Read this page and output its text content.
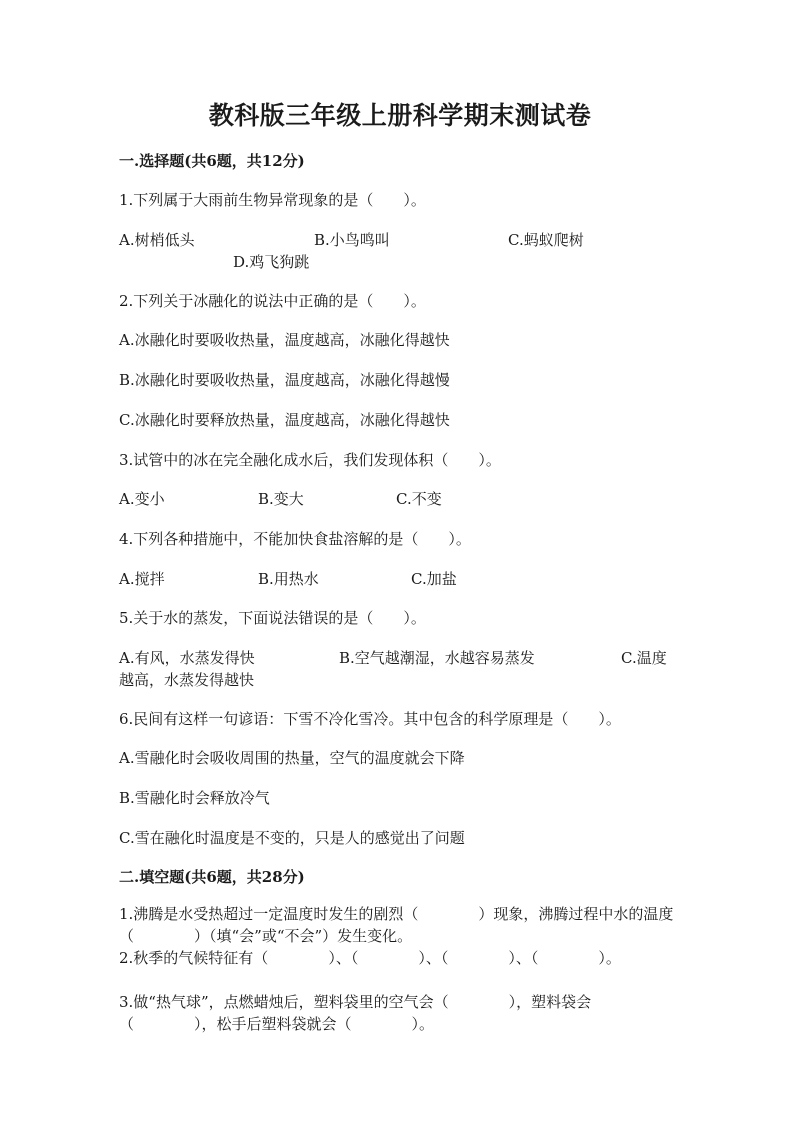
教科版三年级上册科学期末测试卷
一.选择题(共6题，共12分)
1.下列属于大雨前生物异常现象的是（　　）。
A.树梢低头	B.小鸟鸣叫	C.蚂蚁爬树
D.鸡飞狗跳
2.下列关于冰融化的说法中正确的是（　　）。
A.冰融化时要吸收热量，温度越高，冰融化得越快
B.冰融化时要吸收热量，温度越高，冰融化得越慢
C.冰融化时要释放热量，温度越高，冰融化得越快
3.试管中的冰在完全融化成水后，我们发现体积（　　）。
A.变小	B.变大	C.不变
4.下列各种措施中，不能加快食盐溶解的是（　　）。
A.搅拌	B.用热水	C.加盐
5.关于水的蒸发，下面说法错误的是（　　）。
A.有风，水蒸发得快	B.空气越潮湿，水越容易蒸发	C.温度
越高，水蒸发得越快
6.民间有这样一句谚语：下雪不冷化雪冷。其中包含的科学原理是（　　）。
A.雪融化时会吸收周围的热量，空气的温度就会下降
B.雪融化时会释放冷气
C.雪在融化时温度是不变的，只是人的感觉出了问题
二.填空题(共6题，共28分)
1.沸腾是水受热超过一定温度时发生的剧烈（　　　　）现象，沸腾过程中水的温度（　　　　）（填“会”或“不会”）发生变化。
2.秋季的气候特征有（　　　　）、（　　　　）、（　　　　）、（　　　　）。
3.做“热气球”，点燃蜡烛后，塑料袋里的空气会（　　　　），塑料袋会（　　　　），松手后塑料袋就会（　　　　）。
